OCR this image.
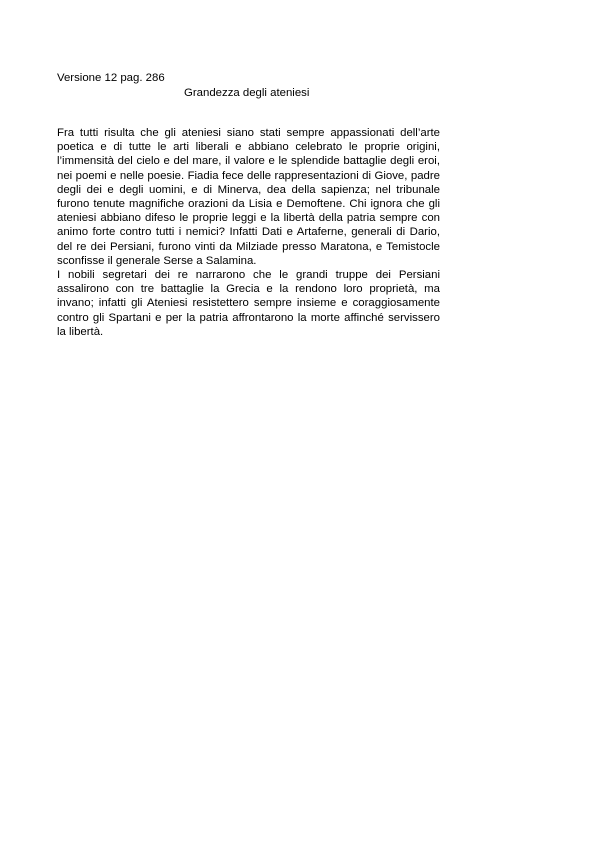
Versione 12 pag. 286
Grandezza degli ateniesi

Fra tutti risulta che gli ateniesi siano stati sempre appassionati dell’arte poetica e di tutte le arti liberali e abbiano celebrato le proprie origini, l’immensità del cielo e del mare, il valore e le splendide battaglie degli eroi, nei poemi e nelle poesie. Fiadia fece delle rappresentazioni di Giove, padre degli dei e degli uomini, e di Minerva, dea della sapienza; nel tribunale furono tenute magnifiche orazioni da Lisia e Demoftene. Chi ignora che gli ateniesi abbiano difeso le proprie leggi e la libertà della patria sempre con animo forte contro tutti i nemici? Infatti Dati e Artaferne, generali di Dario, del re dei Persiani, furono vinti da Milziade presso Maratona, e Temistocle sconfisse il generale Serse a Salamina.

I nobili segretari dei re narrarono che le grandi truppe dei Persiani assalirono con tre battaglie la Grecia e la rendono loro proprietà, ma invano; infatti gli Ateniesi resistettero sempre insieme e coraggiosamente contro gli Spartani e per la patria affrontarono la morte affinché servissero la libertà.
